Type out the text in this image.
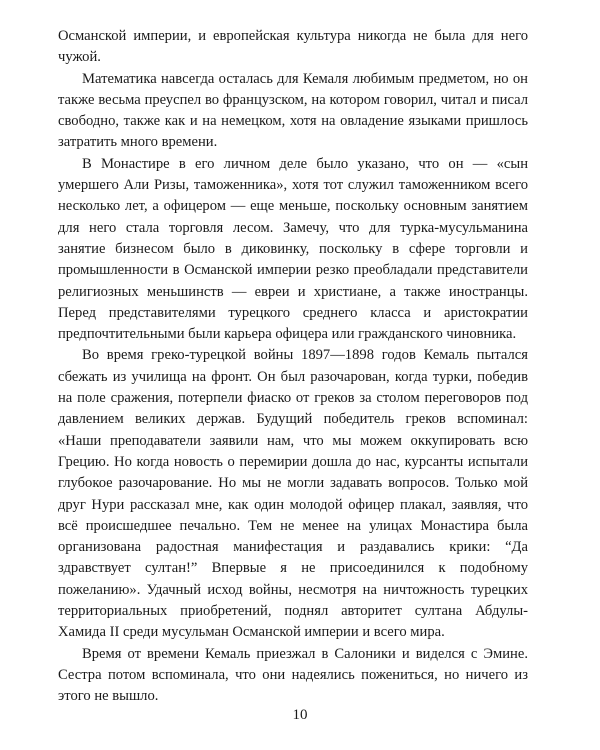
Османской империи, и европейская культура никогда не была для него чужой.

Математика навсегда осталась для Кемаля любимым предметом, но он также весьма преуспел во французском, на котором говорил, читал и писал свободно, также как и на немецком, хотя на овладение языками пришлось затратить много времени.

В Монастире в его личном деле было указано, что он — «сын умершего Али Ризы, таможенника», хотя тот служил таможенником всего несколько лет, а офицером — еще меньше, поскольку основным занятием для него стала торговля лесом. Замечу, что для турка-мусульманина занятие бизнесом было в диковинку, поскольку в сфере торговли и промышленности в Османской империи резко преобладали представители религиозных меньшинств — евреи и христиане, а также иностранцы. Перед представителями турецкого среднего класса и аристократии предпочтительными были карьера офицера или гражданского чиновника.

Во время греко-турецкой войны 1897—1898 годов Кемаль пытался сбежать из училища на фронт. Он был разочарован, когда турки, победив на поле сражения, потерпели фиаско от греков за столом переговоров под давлением великих держав. Будущий победитель греков вспоминал: «Наши преподаватели заявили нам, что мы можем оккупировать всю Грецию. Но когда новость о перемирии дошла до нас, курсанты испытали глубокое разочарование. Но мы не могли задавать вопросов. Только мой друг Нури рассказал мне, как один молодой офицер плакал, заявляя, что всё происшедшее печально. Тем не менее на улицах Монастира была организована радостная манифестация и раздавались крики: “Да здравствует султан!” Впервые я не присоединился к подобному пожеланию». Удачный исход войны, несмотря на ничтожность турецких территориальных приобретений, поднял авторитет султана Абдулы-Хамида II среди мусульман Османской империи и всего мира.

Время от времени Кемаль приезжал в Салоники и виделся с Эмине. Сестра потом вспоминала, что они надеялись пожениться, но ничего из этого не вышло.

10
